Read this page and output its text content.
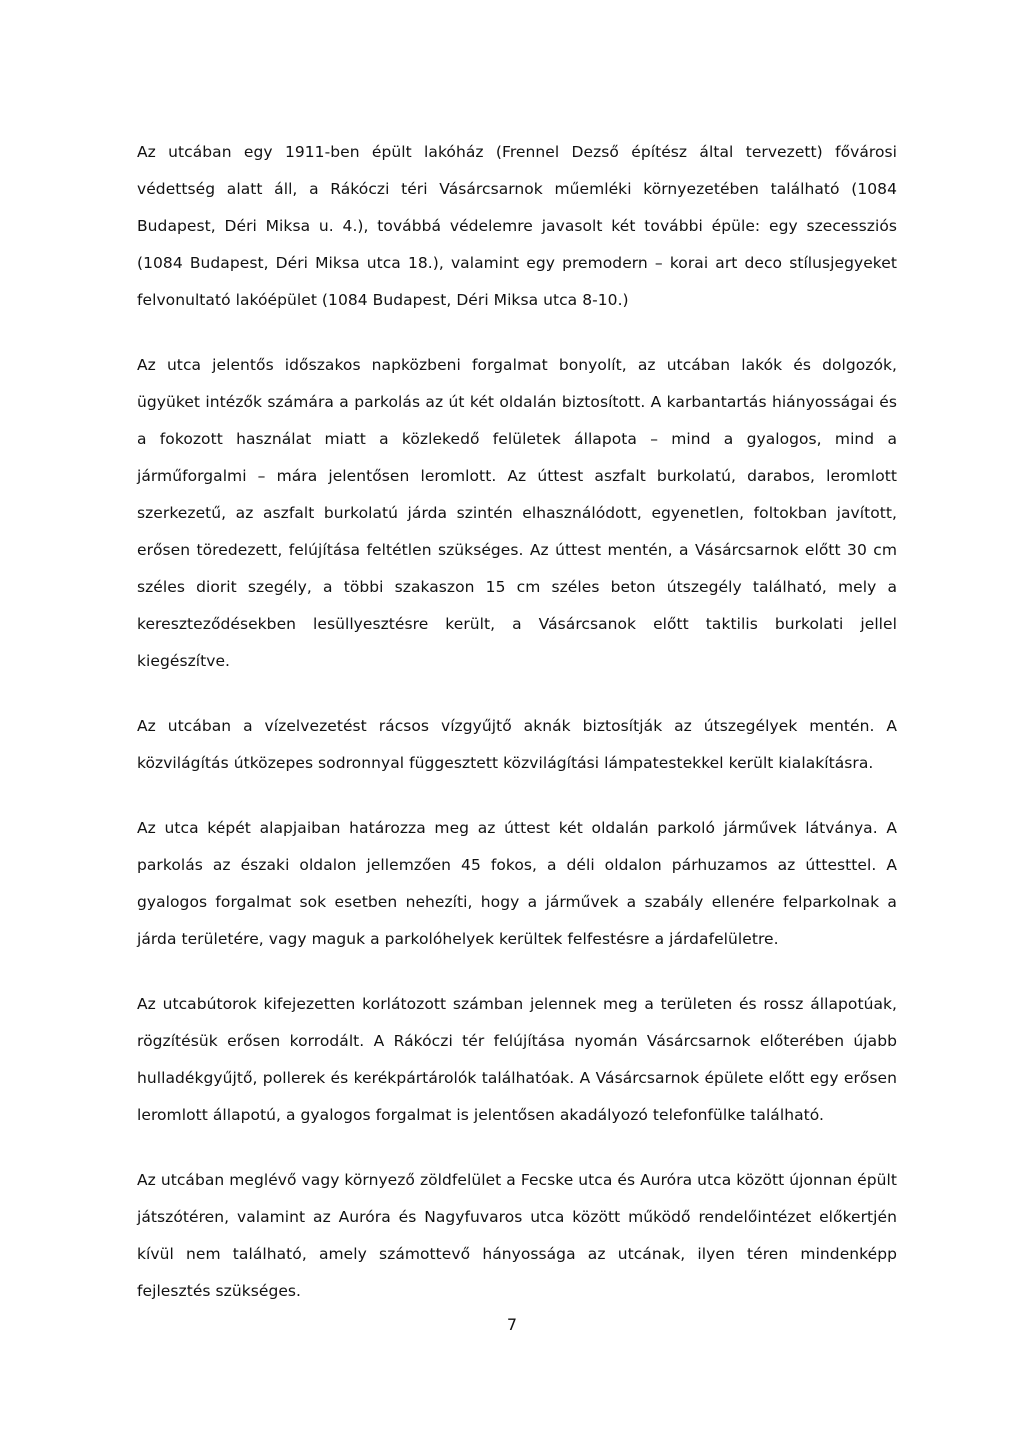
Az utcában egy 1911-ben épült lakóház (Frennel Dezső építész által tervezett) fővárosi védettség alatt áll, a Rákóczi téri Vásárcsarnok műemléki környezetében található (1084 Budapest, Déri Miksa u. 4.), továbbá védelemre javasolt két további épüle: egy szecessziós (1084 Budapest, Déri Miksa utca 18.), valamint egy premodern – korai art deco stílusjegyeket felvonultató lakóépület (1084 Budapest, Déri Miksa utca 8-10.)

Az utca jelentős időszakos napközbeni forgalmat bonyolít, az utcában lakók és dolgozók, ügyüket intézők számára a parkolás az út két oldalán biztosított. A karbantartás hiányosságai és a fokozott használat miatt a közlekedő felületek állapota – mind a gyalogos, mind a járműforgalmi – mára jelentősen leromlott. Az úttest aszfalt burkolatú, darabos, leromlott szerkezetű, az aszfalt burkolatú járda szintén elhasználódott, egyenetlen, foltokban javított, erősen töredezett, felújítása feltétlen szükséges. Az úttest mentén, a Vásárcsarnok előtt 30 cm széles diorit szegély, a többi szakaszon 15 cm széles beton útszegély található, mely a kereszteződésekben lesüllyesztésre került, a Vásárcsanok előtt taktilis burkolati jellel kiegészítve.

Az utcában a vízelvezetést rácsos vízgyűjtő aknák biztosítják az útszegélyek mentén. A közvilágítás útközepes sodronnyal függesztett közvilágítási lámpatestekkel került kialakításra.

Az utca képét alapjaiban határozza meg az úttest két oldalán parkoló járművek látványa. A parkolás az északi oldalon jellemzően 45 fokos, a déli oldalon párhuzamos az úttesttel. A gyalogos forgalmat sok esetben nehezíti, hogy a járművek a szabály ellenére felparkolnak a járda területére, vagy maguk a parkolóhelyek kerültek felfestésre a járdafelületre.

Az utcabútorok kifejezetten korlátozott számban jelennek meg a területen és rossz állapotúak, rögzítésük erősen korrodált. A Rákóczi tér felújítása nyomán Vásárcsarnok előterében újabb hulladékgyűjtő, pollerek és kerékpártárolók találhatóak. A Vásárcsarnok épülete előtt egy erősen leromlott állapotú, a gyalogos forgalmat is jelentősen akadályozó telefonfülke található.

Az utcában meglévő vagy környező zöldfelület a Fecske utca és Auróra utca között újonnan épült játszótéren, valamint az Auróra és Nagyfuvaros utca között működő rendelőintézet előkertjén kívül nem található, amely számottevő hányossága az utcának, ilyen téren mindenképp fejlesztés szükséges.

7
